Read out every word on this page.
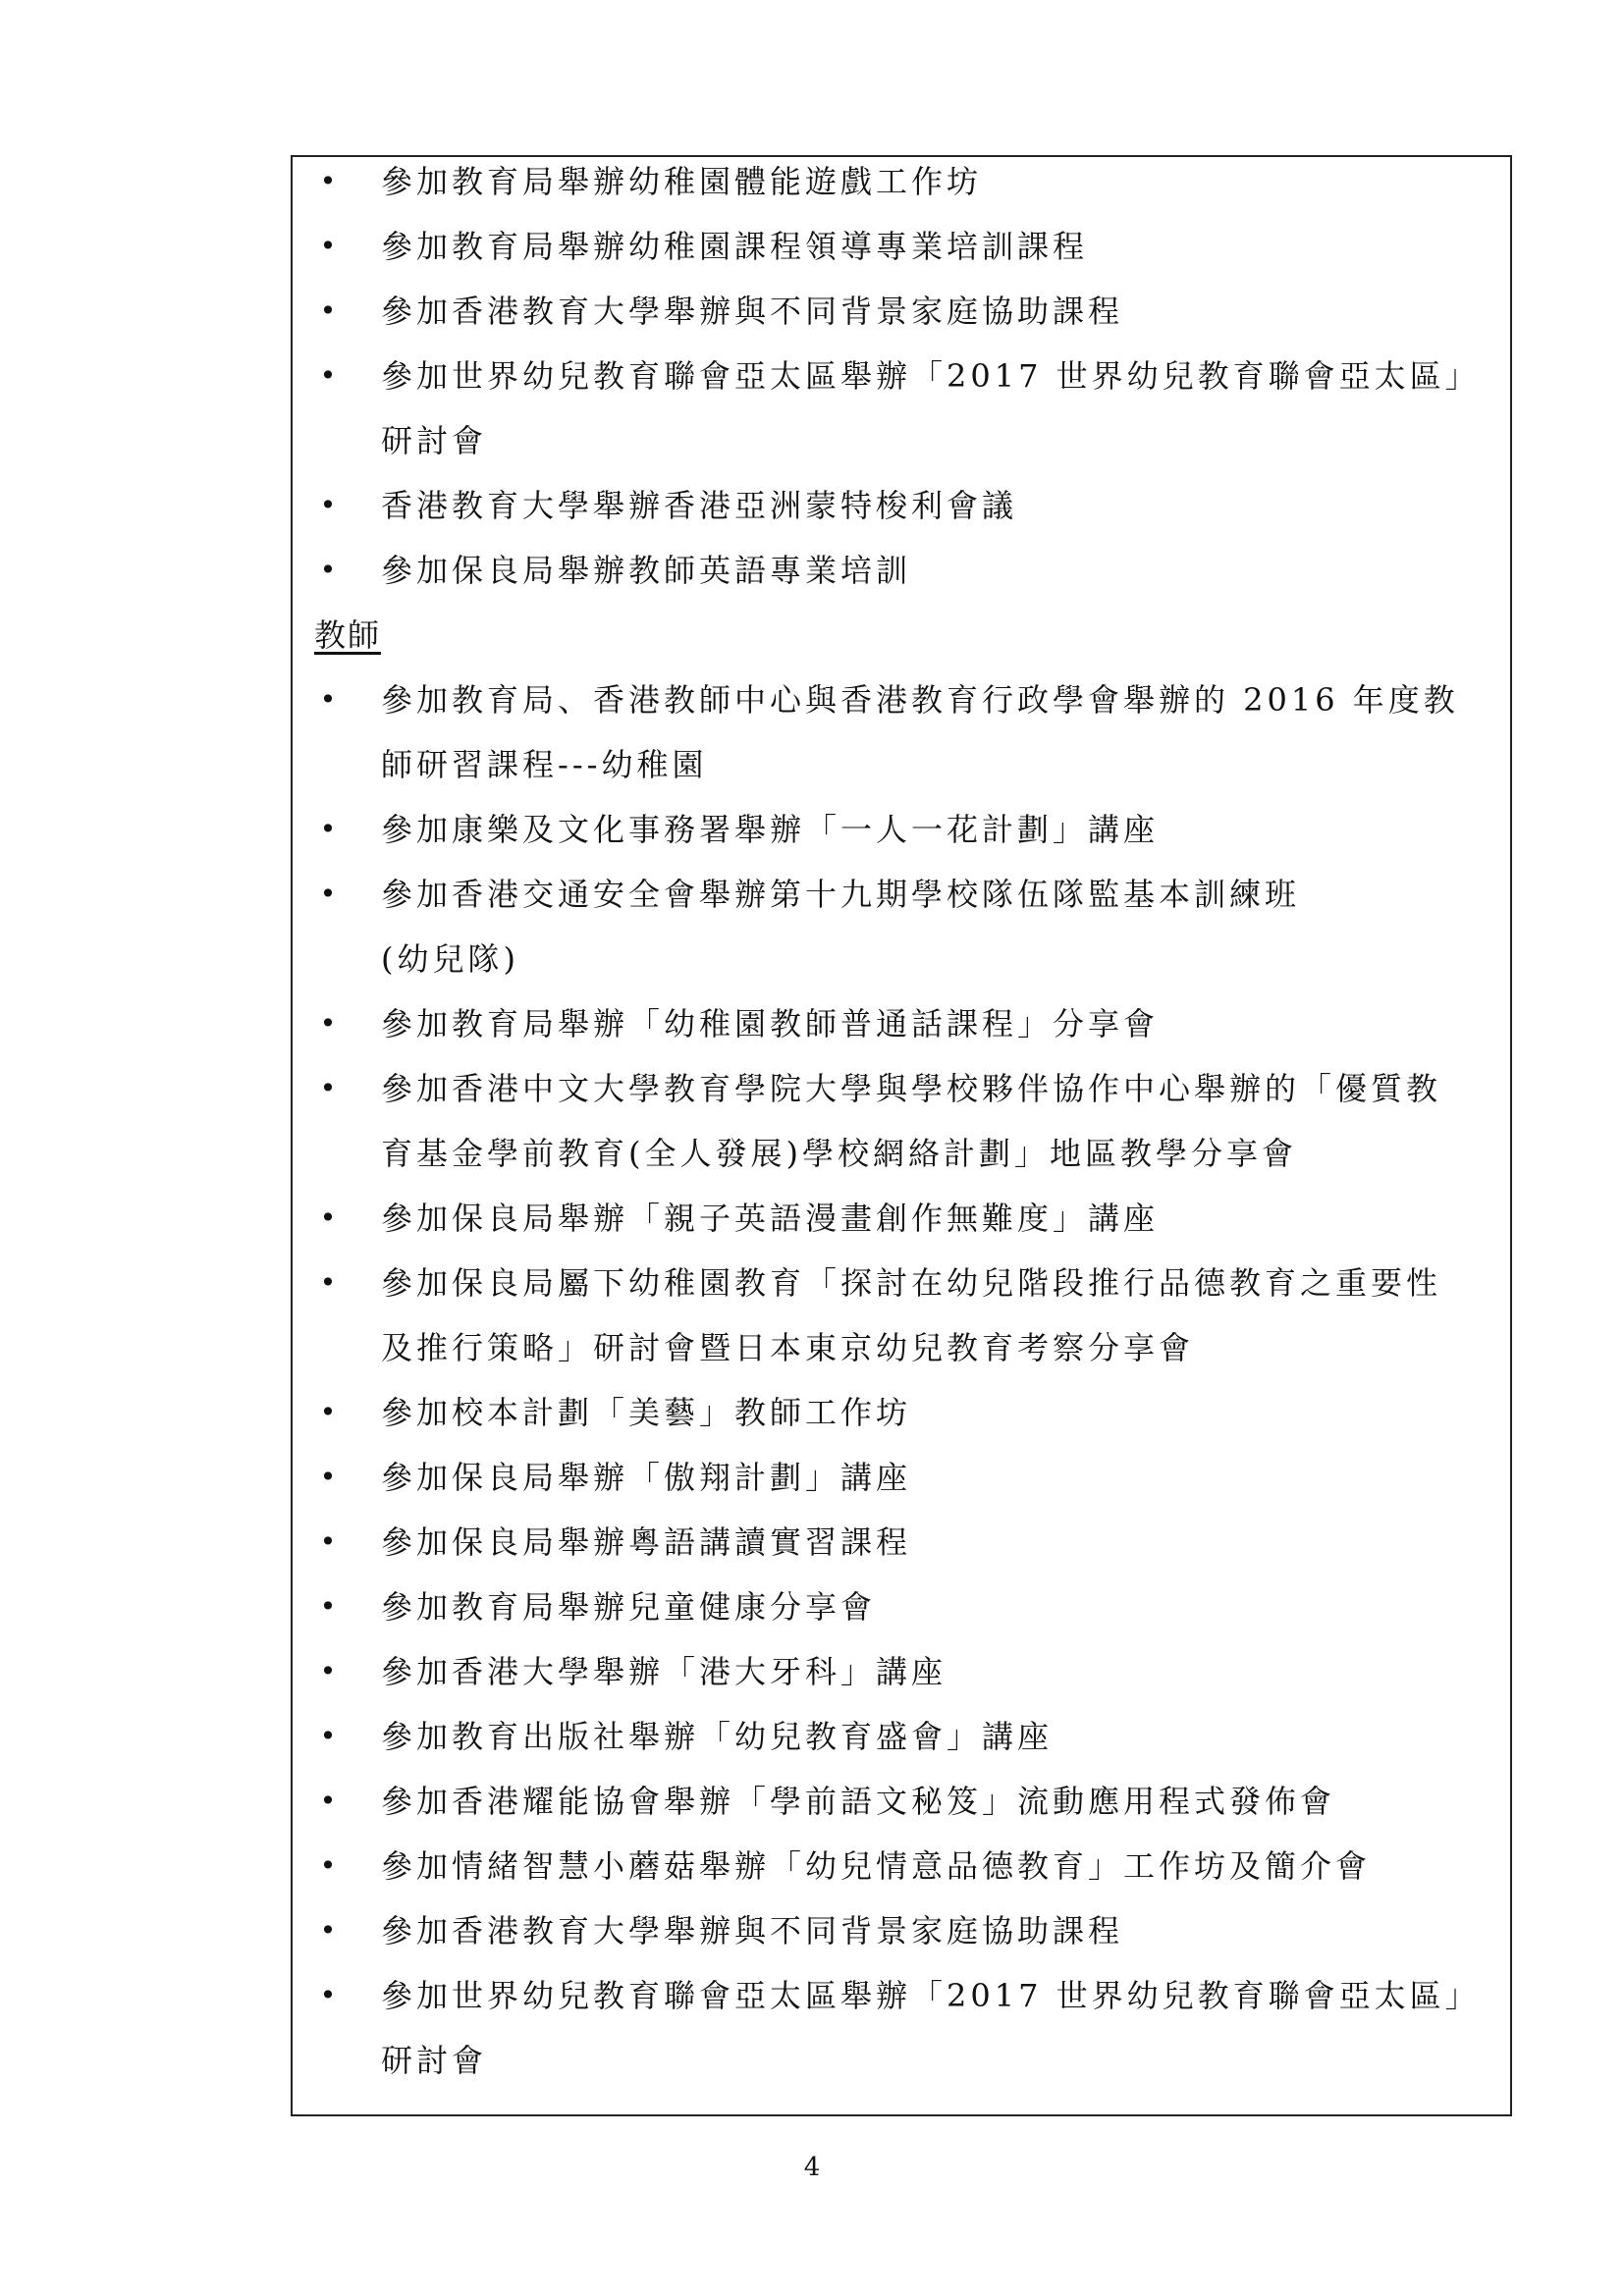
• 參加教育局舉辦幼稚園體能遊戲工作坊
• 參加教育局舉辦幼稚園課程領導專業培訓課程
• 參加香港教育大學舉辦與不同背景家庭協助課程
• 參加世界幼兒教育聯會亞太區舉辦「2017 世界幼兒教育聯會亞太區」
研討會
• 香港教育大學舉辦香港亞洲蒙特梭利會議
• 參加保良局舉辦教師英語專業培訓
教師
• 參加教育局、香港教師中心與香港教育行政學會舉辦的 2016 年度教
師研習課程---幼稚園
• 參加康樂及文化事務署舉辦「一人一花計劃」講座
• 參加香港交通安全會舉辦第十九期學校隊伍隊監基本訓練班
(幼兒隊)
• 參加教育局舉辦「幼稚園教師普通話課程」分享會
• 參加香港中文大學教育學院大學與學校夥伴協作中心舉辦的「優質教
育基金學前教育(全人發展)學校網絡計劃」地區教學分享會
• 參加保良局舉辦「親子英語漫畫創作無難度」講座
• 參加保良局屬下幼稚園教育「探討在幼兒階段推行品德教育之重要性
及推行策略」研討會暨日本東京幼兒教育考察分享會
• 參加校本計劃「美藝」教師工作坊
• 參加保良局舉辦「傲翔計劃」講座
• 參加保良局舉辦粵語講讀實習課程
• 參加教育局舉辦兒童健康分享會
• 參加香港大學舉辦「港大牙科」講座
• 參加教育出版社舉辦「幼兒教育盛會」講座
• 參加香港耀能協會舉辦「學前語文秘笈」流動應用程式發佈會
• 參加情緒智慧小蘑菇舉辦「幼兒情意品德教育」工作坊及簡介會
• 參加香港教育大學舉辦與不同背景家庭協助課程
• 參加世界幼兒教育聯會亞太區舉辦「2017 世界幼兒教育聯會亞太區」
研討會
4
